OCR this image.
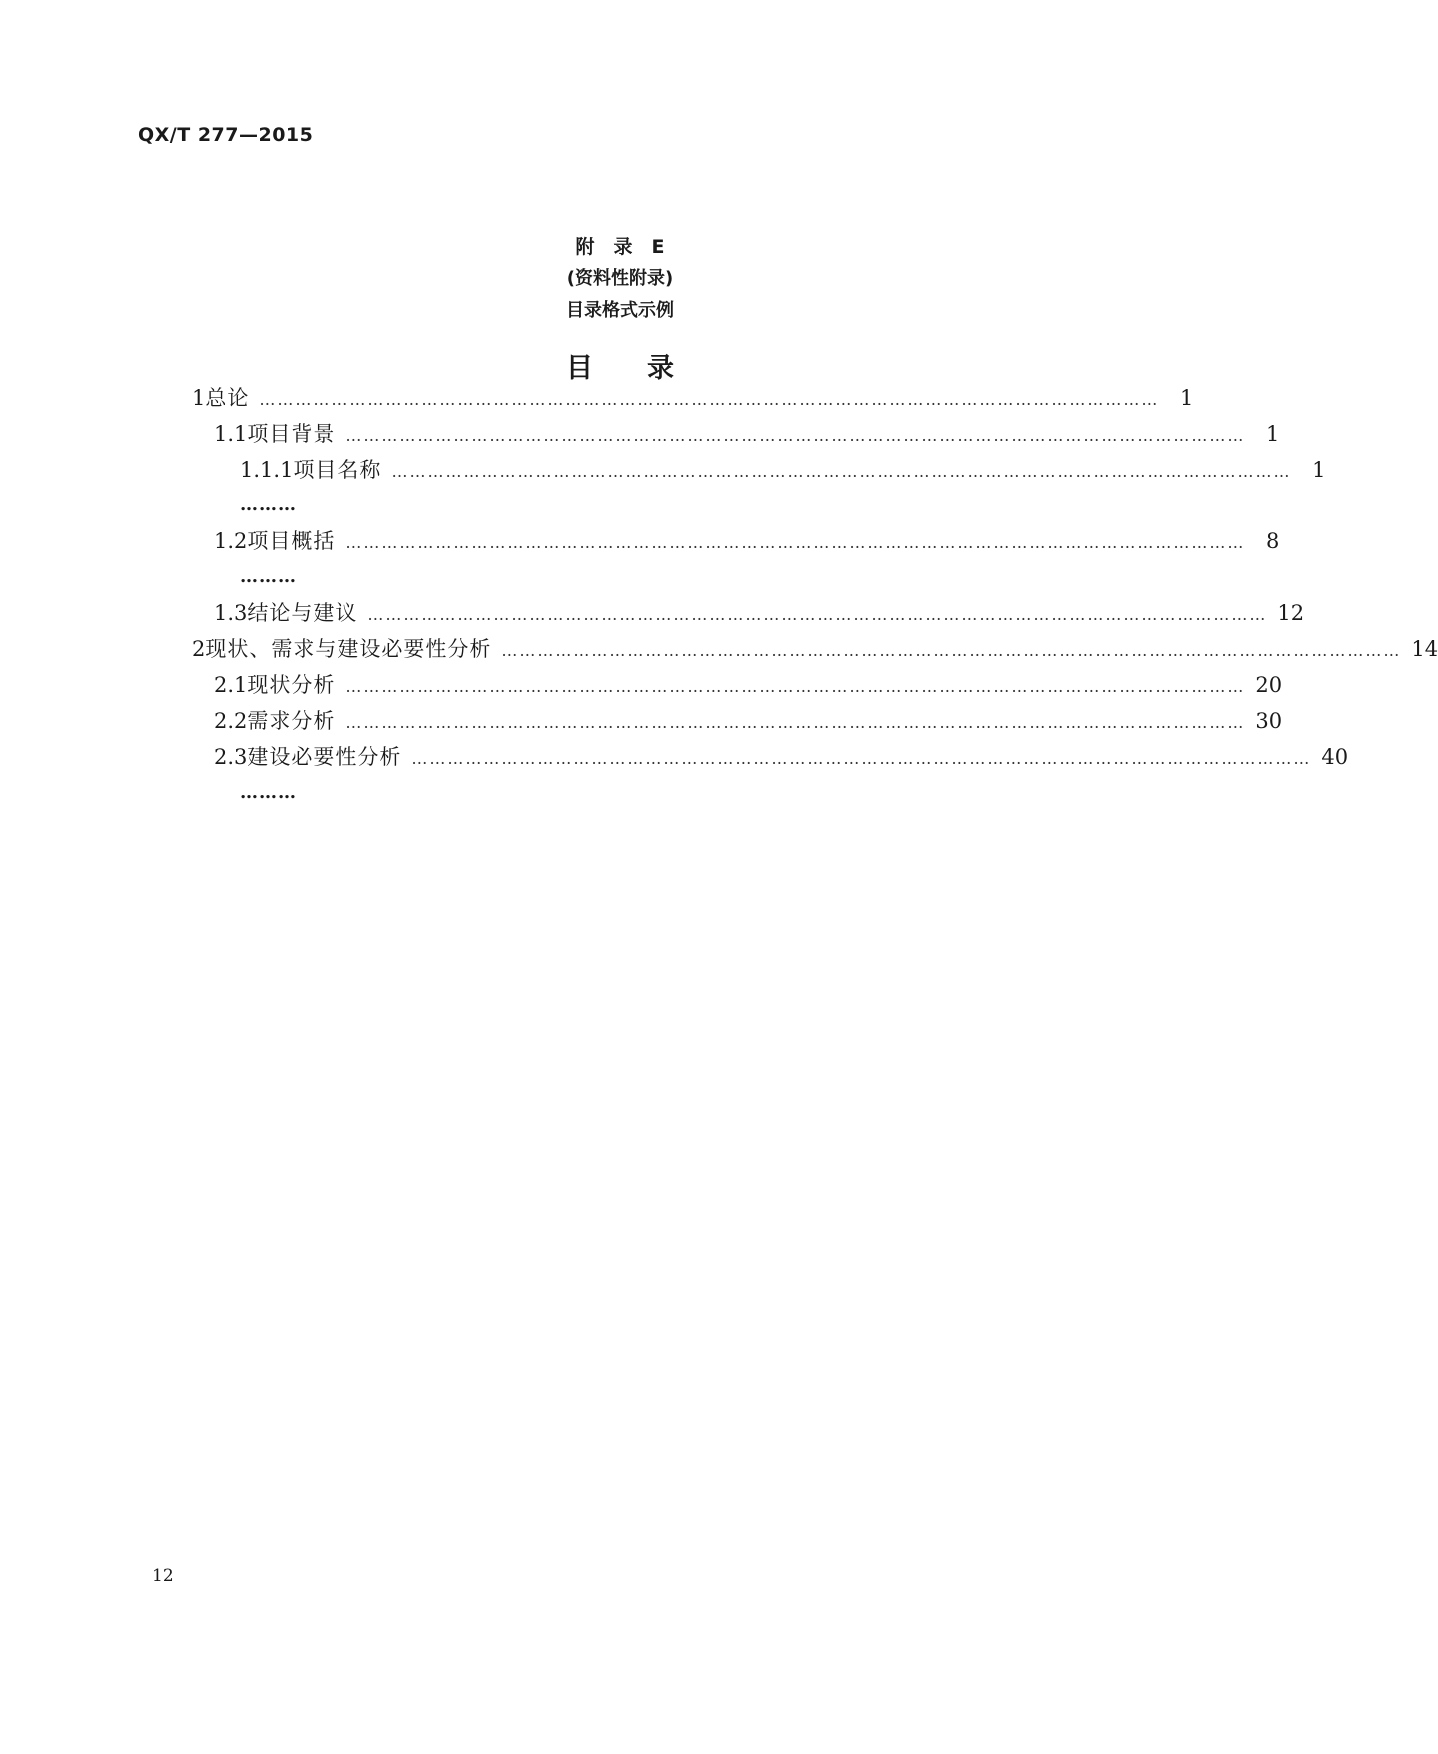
QX/T 277—2015
附　录　E
(资料性附录)
目录格式示例
目 录
1 总论 …………………………………………………………………………………………………………………………………… 1
1.1 项目背景 …………………………………………………………………………………………………………………………………… 1
1.1.1 项目名称 …………………………………………………………………………………………………………………………………… 1
………
1.2 项目概括 …………………………………………………………………………………………………………………………………… 8
………
1.3 结论与建议 …………………………………………………………………………………………………………………………………… 12
2 现状、需求与建设必要性分析 …………………………………………………………………………………………………………………………………… 14
2.1 现状分析 …………………………………………………………………………………………………………………………………… 20
2.2 需求分析 …………………………………………………………………………………………………………………………………… 30
2.3 建设必要性分析 …………………………………………………………………………………………………………………………………… 40
………
12
